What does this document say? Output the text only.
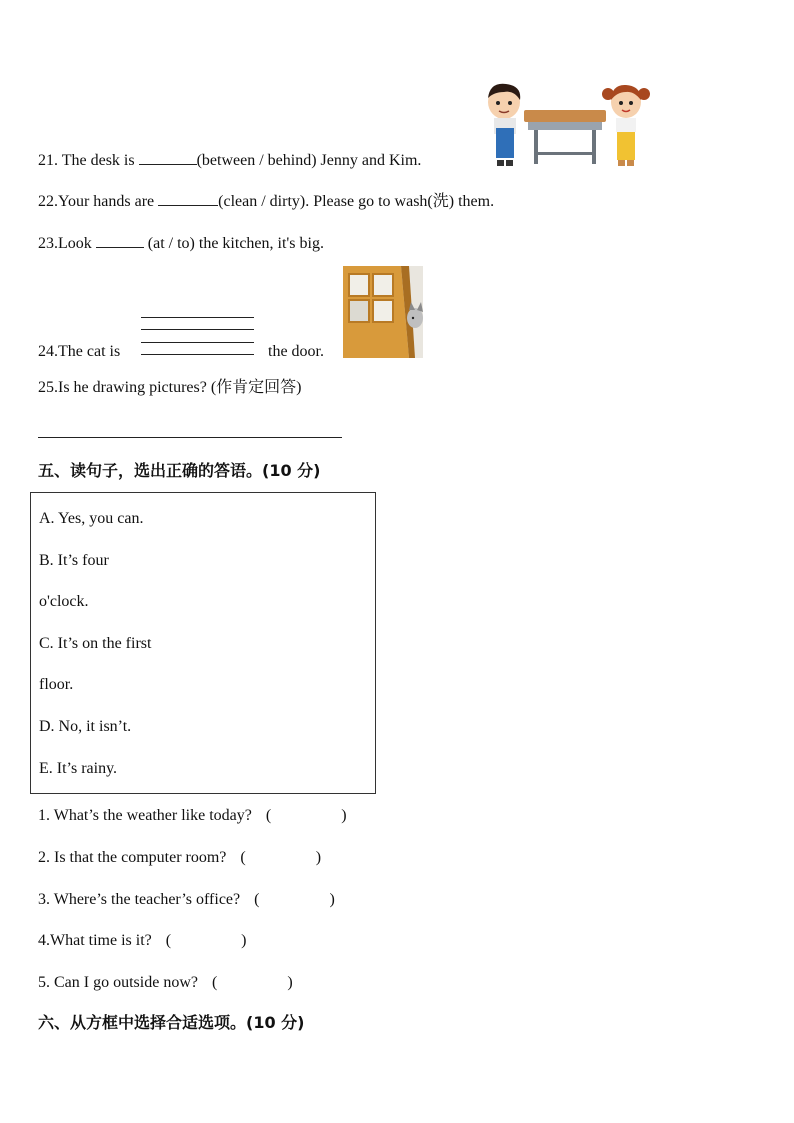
21. The desk is	(between / behind) Jenny and Kim.
22.Your hands are	(clean / dirty). Please go to wash(洗) them.
23.Look	(at / to) the kitchen, it's big.
24.The cat is	the door.
25.Is he drawing pictures? (作肯定回答)
五、读句子，选出正确的答语。(10 分)
A. Yes, you can.
B. It’s four
o'clock.
C. It’s on the first
floor.
D. No, it isn’t.
E. It’s rainy.
1. What’s the weather like today? (	)
2. Is that the computer room? (	)
3. Where’s the teacher’s office? (	)
4.What time is it? (	)
5. Can I go outside now? (	)
六、从方框中选择合适选项。(10 分)
